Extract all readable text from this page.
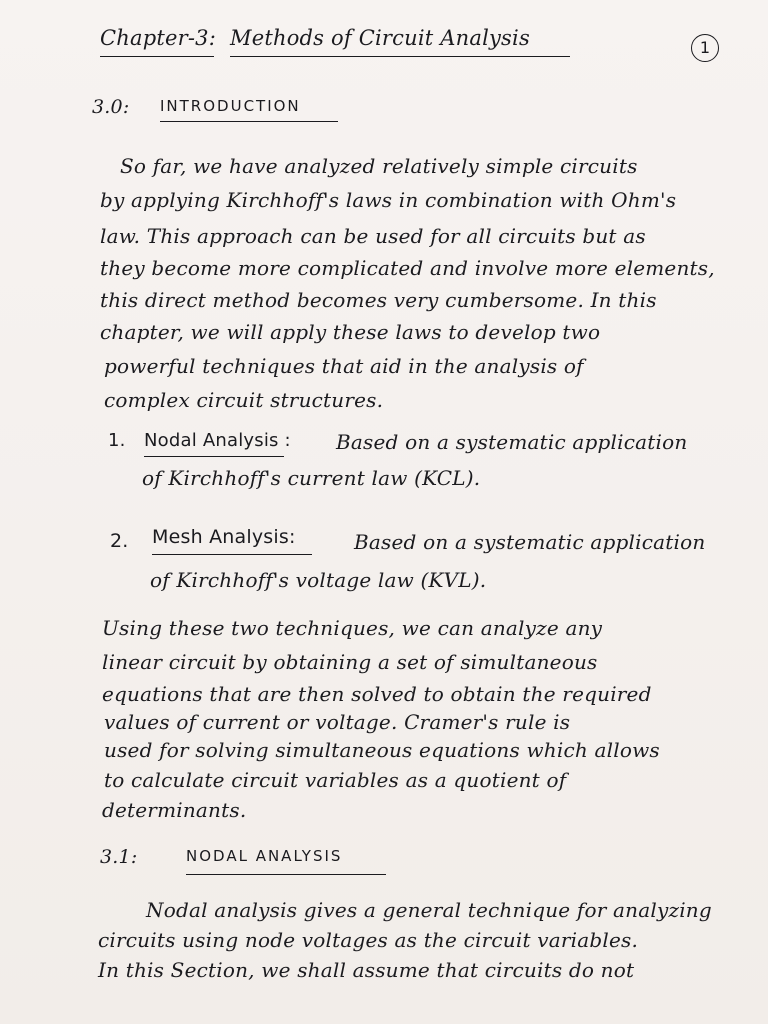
Chapter-3: Methods of Circuit Analysis	1
3.0: INTRODUCTION
So far, we have analyzed relatively simple circuits
by applying Kirchhoff's laws in combination with Ohm's
law. This approach can be used for all circuits but as
they become more complicated and involve more elements,
this direct method becomes very cumbersome. In this
chapter, we will apply these laws to develop two
powerful techniques that aid in the analysis of
complex circuit structures.
1. Nodal Analysis : Based on a systematic application
of Kirchhoff's current law (KCL).
2. Mesh Analysis:	Based on a systematic application
of Kirchhoff's voltage law (KVL).
Using these two techniques, we can analyze any
linear circuit by obtaining a set of simultaneous
equations that are then solved to obtain the required
values of current or voltage. Cramer's rule is
used for solving simultaneous equations which allows
to calculate circuit variables as a quotient of
determinants.
3.1:	NODAL ANALYSIS
Nodal analysis gives a general technique for analyzing
circuits using node voltages as the circuit variables.
In this Section, we shall assume that circuits do not
